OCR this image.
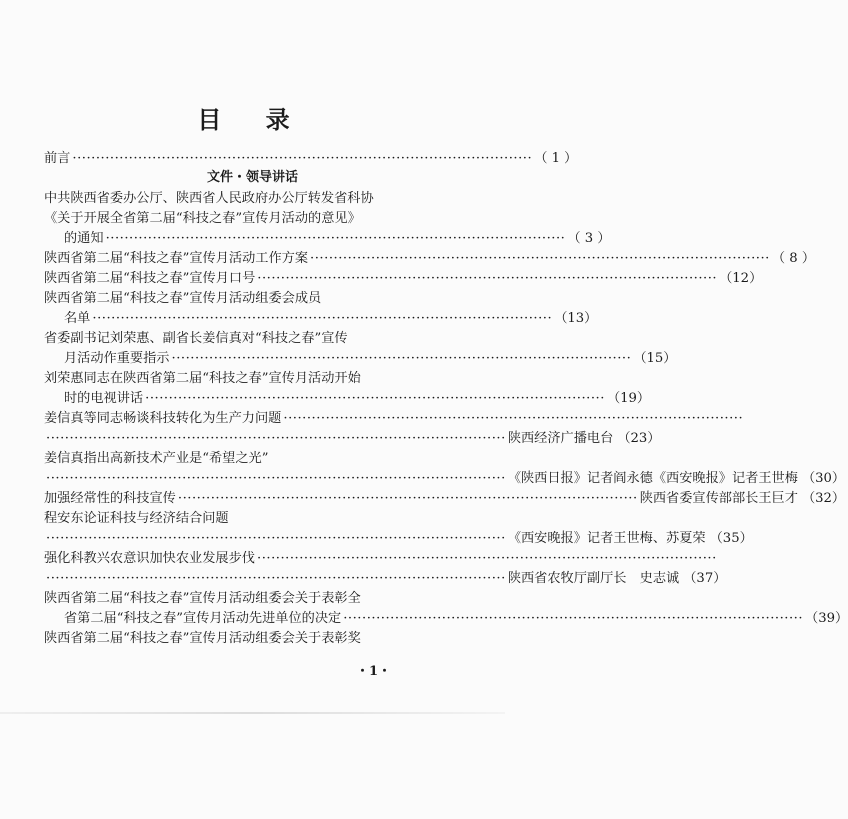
目 录
前言 ·································································································· （ 1 ）
文件・领导讲话
中共陕西省委办公厅、陕西省人民政府办公厅转发省科协
《关于开展全省第二届“科技之春”宣传月活动的意见》
的通知 ·································································································· （ 3 ）
陕西省第二届“科技之春”宣传月活动工作方案 ·································································································· （ 8 ）
陕西省第二届“科技之春”宣传月口号 ·································································································· （12）
陕西省第二届“科技之春”宣传月活动组委会成员
名单 ·································································································· （13）
省委副书记刘荣惠、副省长姜信真对“科技之春”宣传
月活动作重要指示 ·································································································· （15）
刘荣惠同志在陕西省第二届“科技之春”宣传月活动开始
时的电视讲话 ·································································································· （19）
姜信真等同志畅谈科技转化为生产力问题 ··································································································
·································································································· 陕西经济广播电台 （23）
姜信真指出高新技术产业是“希望之光”
·································································································· 《陕西日报》记者阎永德《西安晚报》记者王世梅 （30）
加强经常性的科技宣传 ·································································································· 陕西省委宣传部部长王巨才 （32）
程安东论证科技与经济结合问题
·································································································· 《西安晚报》记者王世梅、苏夏荣 （35）
强化科教兴农意识加快农业发展步伐 ··································································································
·································································································· 陕西省农牧厅副厅长　史志诚 （37）
陕西省第二届“科技之春”宣传月活动组委会关于表彰全
省第二届“科技之春”宣传月活动先进单位的决定 ·································································································· （39）
陕西省第二届“科技之春”宣传月活动组委会关于表彰奖
・1・
